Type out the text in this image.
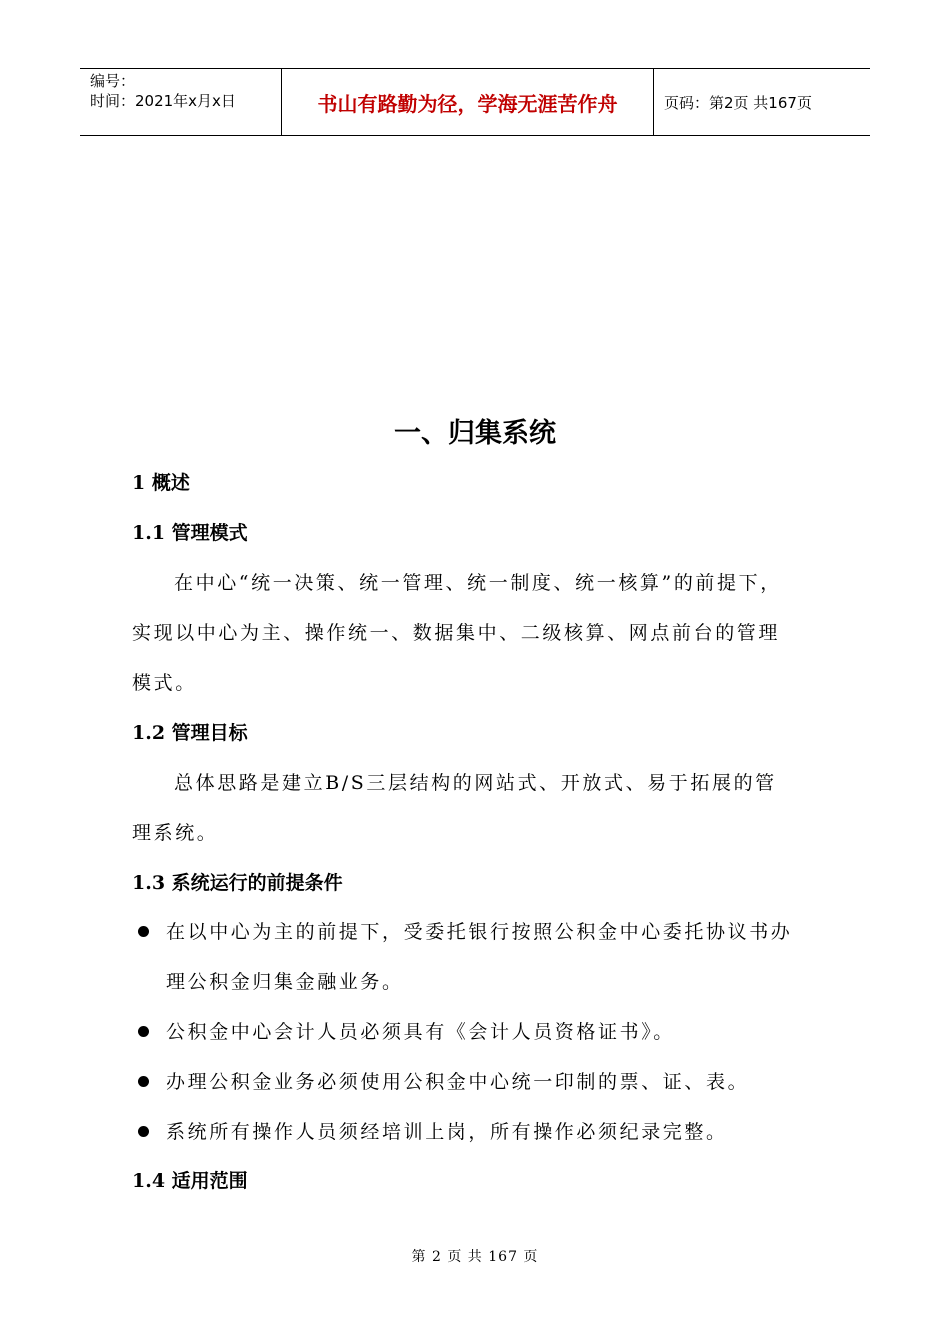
编号：
时间：2021年x月x日	书山有路勤为径，学海无涯苦作舟	页码：第2页 共167页
一、归集系统
1 概述
1.1 管理模式
在中心“统一决策、统一管理、统一制度、统一核算”的前提下，
实现以中心为主、操作统一、数据集中、二级核算、网点前台的管理
模式。
1.2 管理目标
总体思路是建立B/S三层结构的网站式、开放式、易于拓展的管
理系统。
1.3 系统运行的前提条件
在以中心为主的前提下，受委托银行按照公积金中心委托协议书办
理公积金归集金融业务。
公积金中心会计人员必须具有《会计人员资格证书》。
办理公积金业务必须使用公积金中心统一印制的票、证、表。
系统所有操作人员须经培训上岗，所有操作必须纪录完整。
1.4 适用范围
第 2 页 共 167 页
